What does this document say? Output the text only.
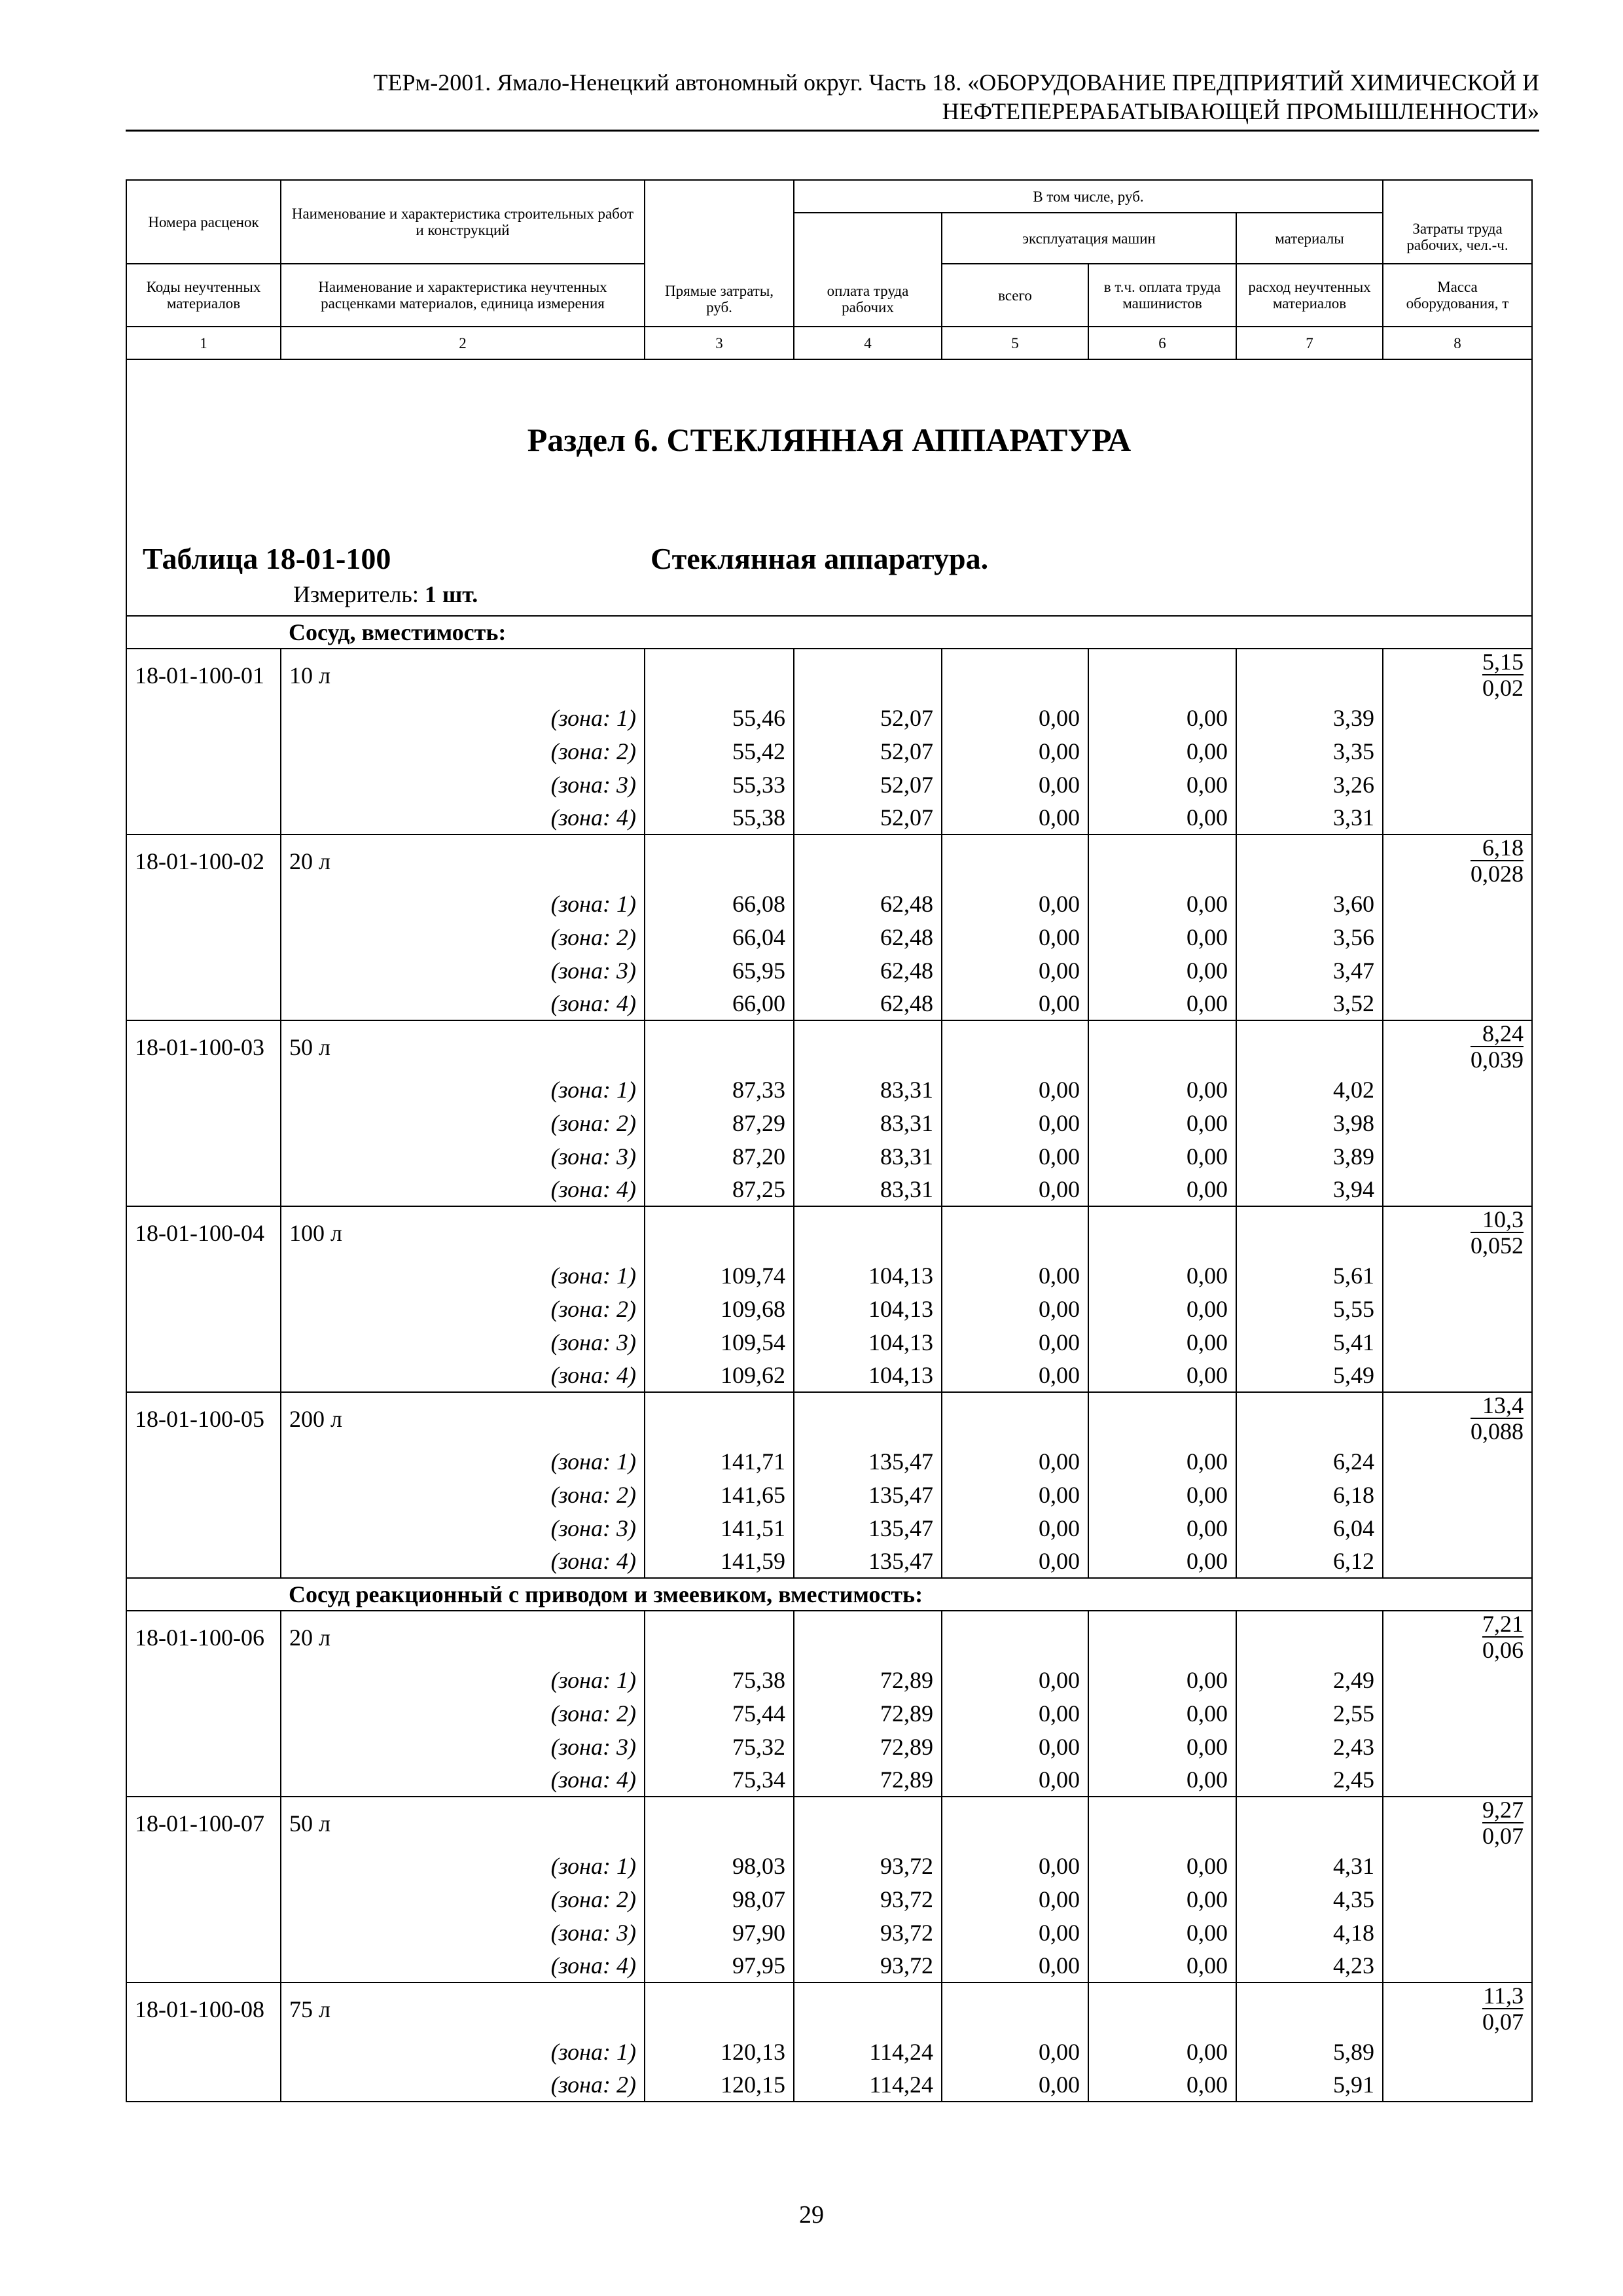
ТЕРм-2001. Ямало-Ненецкий автономный округ. Часть 18. «ОБОРУДОВАНИЕ ПРЕДПРИЯТИЙ ХИМИЧЕСКОЙ И
НЕФТЕПЕРЕРАБАТЫВАЮЩЕЙ ПРОМЫШЛЕННОСТИ»
Номера расценок	Наименование и характеристика строительных работ и конструкций	Прямые затраты, руб.	В том числе, руб.				Затраты труда рабочих, чел.-ч.
			оплата труда рабочих	эксплуатация машин		материалы	
Коды неучтенных материалов	Наименование и характеристика неучтенных расценками материалов, единица измерения			всего	в т.ч. оплата труда машинистов	расход неучтенных материалов	Масса оборудования, т
1	2	3	4	5	6	7	8

Раздел 6. СТЕКЛЯННАЯ АППАРАТУРА
Таблица 18-01-100 Стеклянная аппаратура.
Измеритель: 1 шт.							

	Сосуд, вместимость:						
18-01-100-01	10 л						$\frac{5,15}{0,02}$

	(зона: 1)	55,46	52,07	0,00	0,00	3,39	
	(зона: 2)	55,42	52,07	0,00	0,00	3,35	
	(зона: 3)	55,33	52,07	0,00	0,00	3,26	
	(зона: 4)	55,38	52,07	0,00	0,00	3,31	
18-01-100-02	20 л						$\frac{6,18}{0,028}$

	(зона: 1)	66,08	62,48	0,00	0,00	3,60	
	(зона: 2)	66,04	62,48	0,00	0,00	3,56	
	(зона: 3)	65,95	62,48	0,00	0,00	3,47	
	(зона: 4)	66,00	62,48	0,00	0,00	3,52	
18-01-100-03	50 л						$\frac{8,24}{0,039}$

	(зона: 1)	87,33	83,31	0,00	0,00	4,02	
	(зона: 2)	87,29	83,31	0,00	0,00	3,98	
	(зона: 3)	87,20	83,31	0,00	0,00	3,89	
	(зона: 4)	87,25	83,31	0,00	0,00	3,94	
18-01-100-04	100 л						$\frac{10,3}{0,052}$

	(зона: 1)	109,74	104,13	0,00	0,00	5,61	
	(зона: 2)	109,68	104,13	0,00	0,00	5,55	
	(зона: 3)	109,54	104,13	0,00	0,00	5,41	
	(зона: 4)	109,62	104,13	0,00	0,00	5,49	
18-01-100-05	200 л						$\frac{13,4}{0,088}$

	(зона: 1)	141,71	135,47	0,00	0,00	6,24	
	(зона: 2)	141,65	135,47	0,00	0,00	6,18	
	(зона: 3)	141,51	135,47	0,00	0,00	6,04	
	(зона: 4)	141,59	135,47	0,00	0,00	6,12	
	Сосуд реакционный с приводом и змеевиком, вместимость:						
18-01-100-06	20 л						$\frac{7,21}{0,06}$

	(зона: 1)	75,38	72,89	0,00	0,00	2,49	
	(зона: 2)	75,44	72,89	0,00	0,00	2,55	
	(зона: 3)	75,32	72,89	0,00	0,00	2,43	
	(зона: 4)	75,34	72,89	0,00	0,00	2,45	
18-01-100-07	50 л						$\frac{9,27}{0,07}$

	(зона: 1)	98,03	93,72	0,00	0,00	4,31	
	(зона: 2)	98,07	93,72	0,00	0,00	4,35	
	(зона: 3)	97,90	93,72	0,00	0,00	4,18	
	(зона: 4)	97,95	93,72	0,00	0,00	4,23	
18-01-100-08	75 л						$\frac{11,3}{0,07}$

	(зона: 1)	120,13	114,24	0,00	0,00	5,89	
	(зона: 2)	120,15	114,24	0,00	0,00	5,91	
29
